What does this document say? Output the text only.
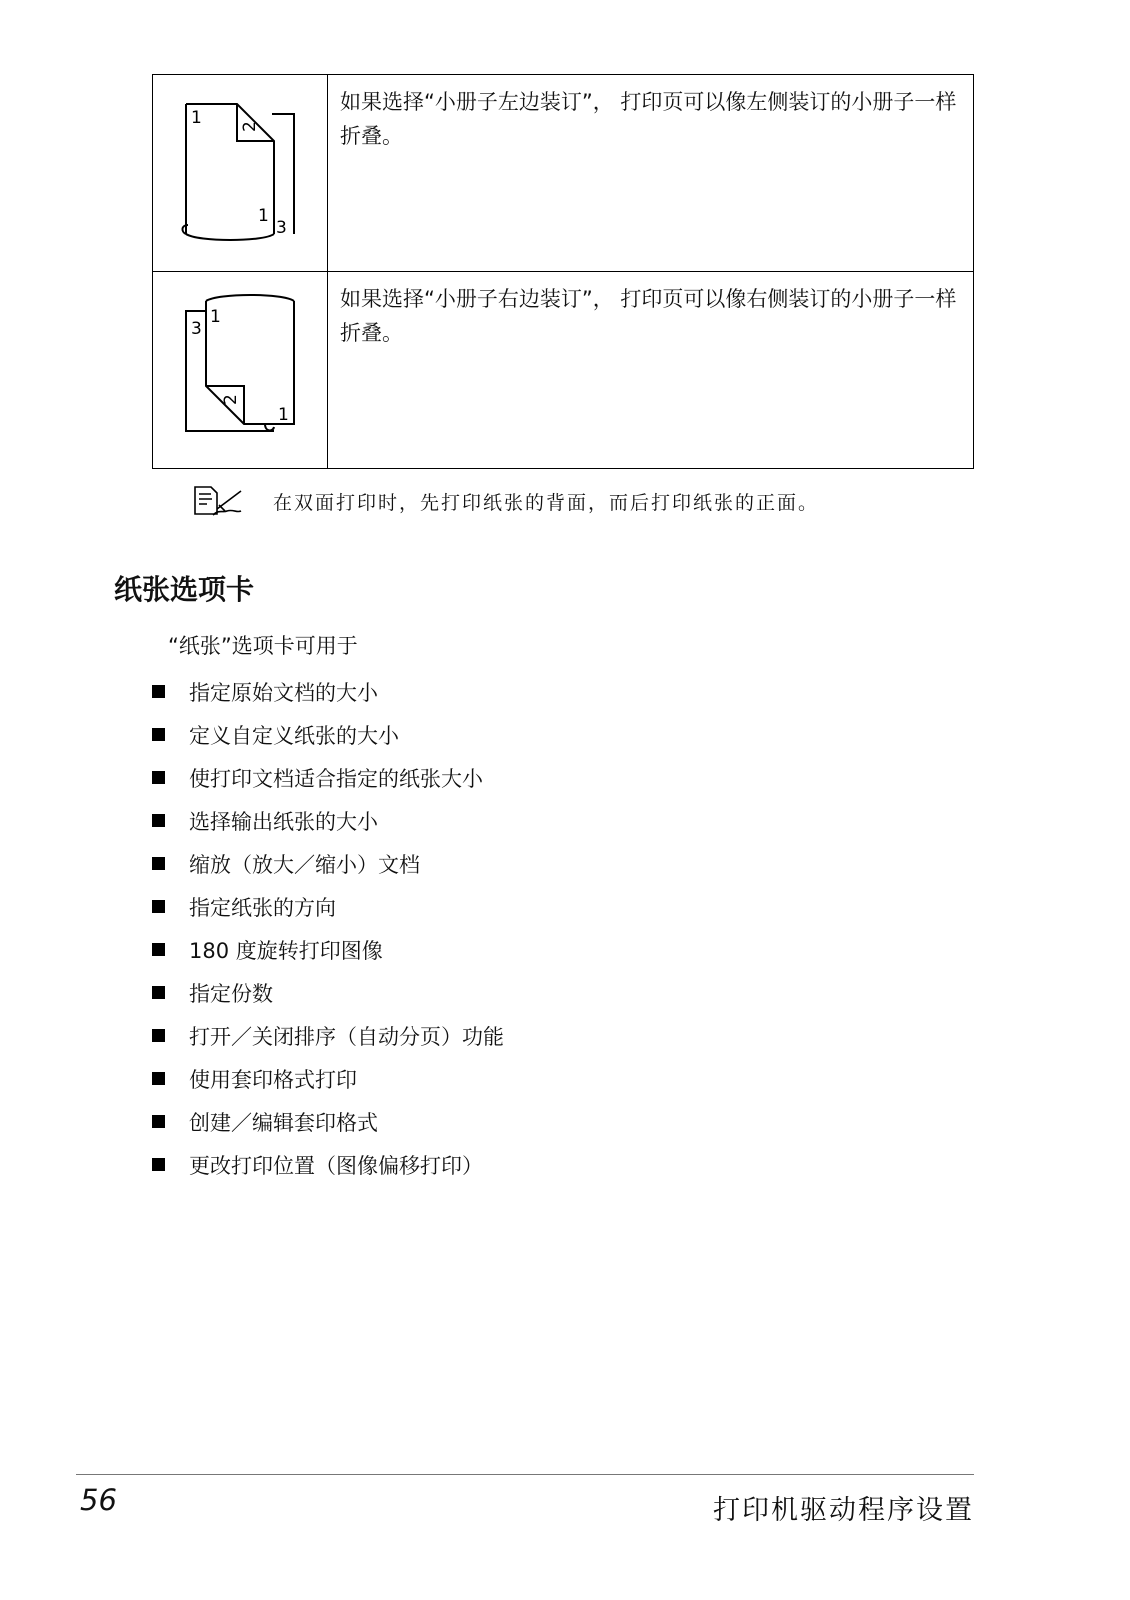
1 2
1
3	如果选择“小册子左边装订”， 打印页可以像左侧装订的小册子一样折叠。

3
1
2
1	如果选择“小册子右边装订”， 打印页可以像右侧装订的小册子一样折叠。
在双面打印时，先打印纸张的背面，而后打印纸张的正面。
纸张选项卡
“纸张”选项卡可用于
指定原始文档的大小
定义自定义纸张的大小
使打印文档适合指定的纸张大小
选择输出纸张的大小
缩放（放大／缩小）文档
指定纸张的方向
180 度旋转打印图像
指定份数
打开／关闭排序（自动分页）功能
使用套印格式打印
创建／编辑套印格式
更改打印位置（图像偏移打印）
56	打印机驱动程序设置
